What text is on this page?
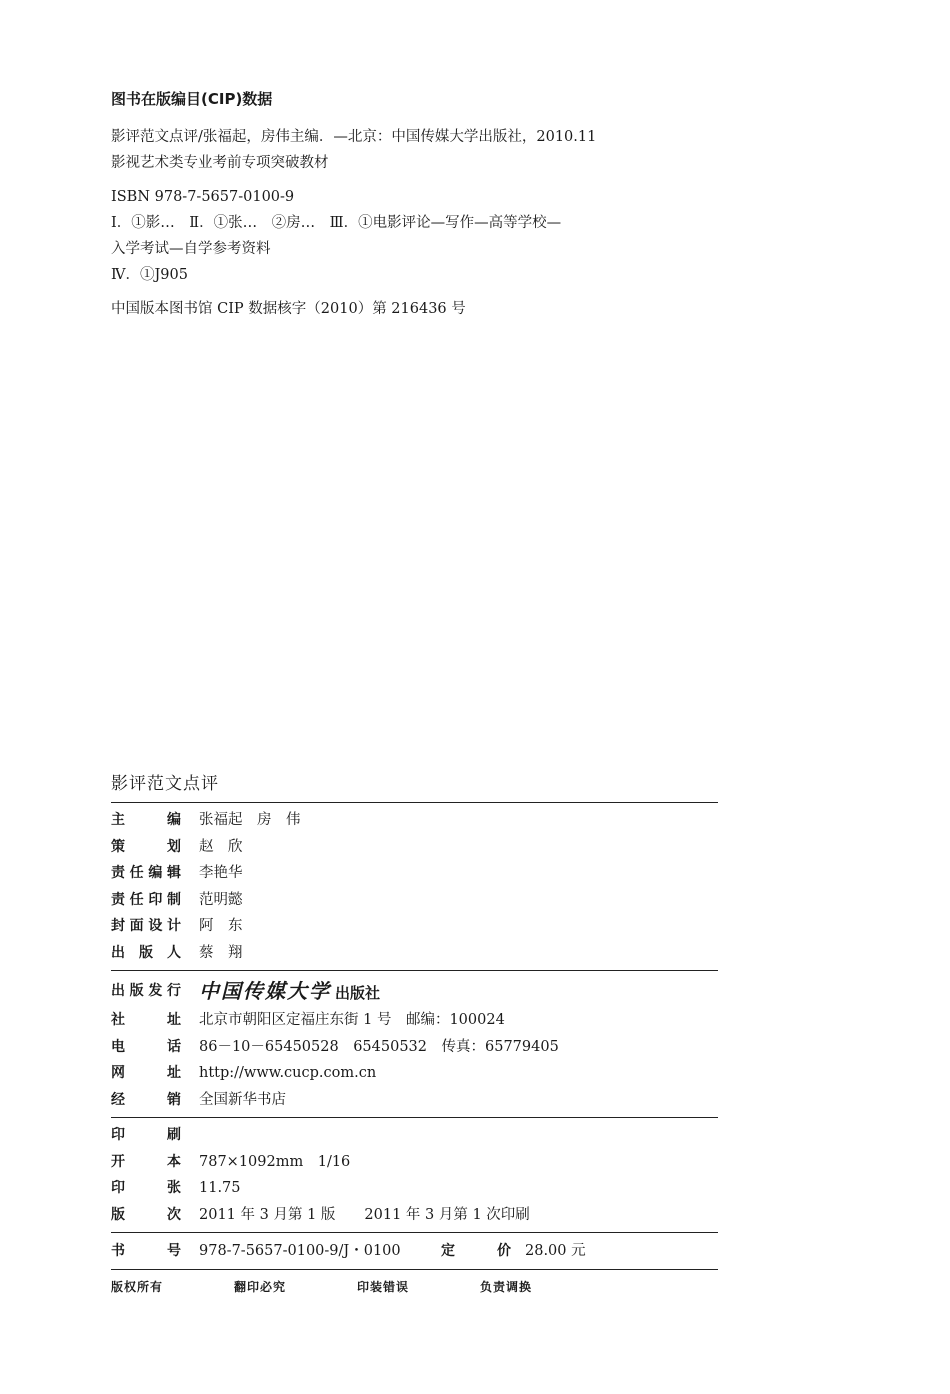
图书在版编目(CIP)数据
影评范文点评/张福起，房伟主编．—北京：中国传媒大学出版社，2010.11
影视艺术类专业考前专项突破教材
ISBN 978-7-5657-0100-9
Ⅰ．①影…　Ⅱ．①张…　②房…　Ⅲ．①电影评论—写作—高等学校—
入学考试—自学参考资料
Ⅳ．①J905
中国版本图书馆 CIP 数据核字（2010）第 216436 号
影评范文点评
主	编 张福起　房　伟
策	划 赵　欣
责 任 编 辑 李艳华
责 任 印 制 范明懿
封 面 设 计 阿　东
出 版 人 蔡　翔
出 版 发 行 中国传媒大学 出版社
社	址 北京市朝阳区定福庄东街 1 号　邮编：100024
电	话 86－10－65450528　65450532　传真：65779405
网	址 http://www.cucp.com.cn
经	销 全国新华书店
印	刷
开	本 787×1092mm　1/16
印	张 11.75
版	次 2011 年 3 月第 1 版　　2011 年 3 月第 1 次印刷
书	号 978-7-5657-0100-9/J・0100	定	价 28.00 元
版权所有	翻印必究	印装错误	负责调换
